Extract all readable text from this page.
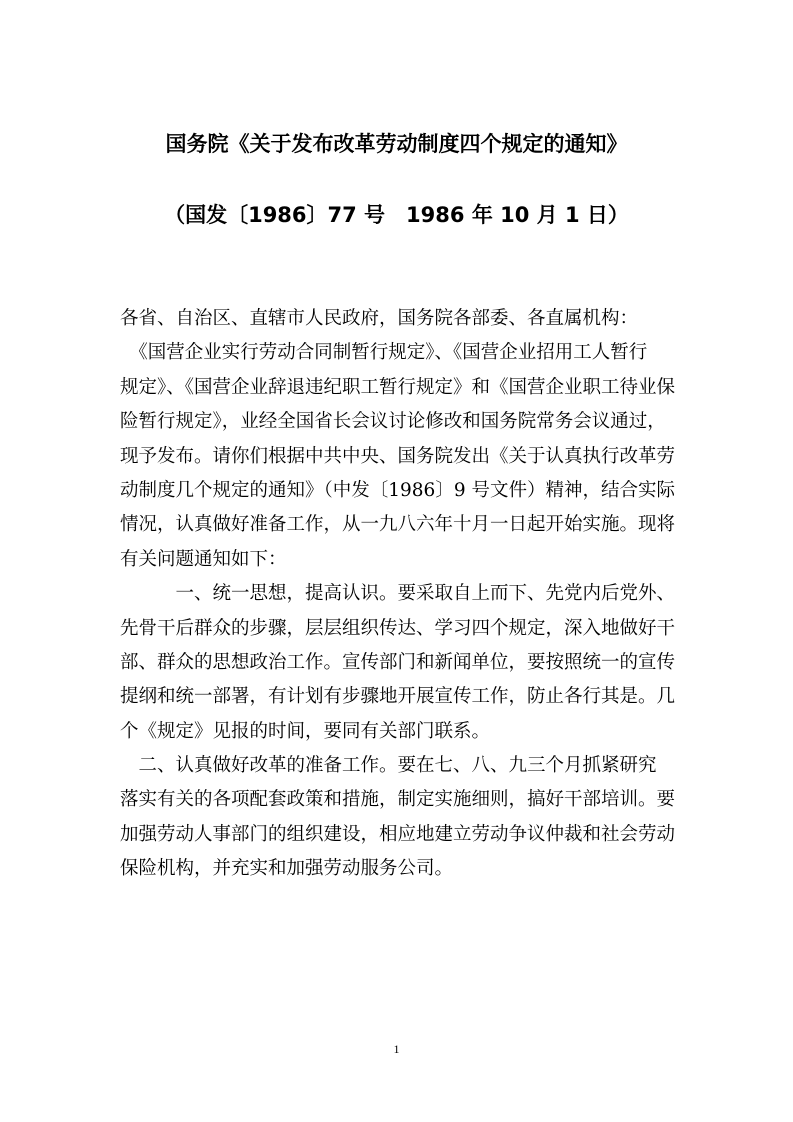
国务院《关于发布改革劳动制度四个规定的通知》
（国发〔1986〕77 号　1986 年 10 月 1 日）
各省、自治区、直辖市人民政府，国务院各部委、各直属机构：
　《国营企业实行劳动合同制暂行规定》、《国营企业招用工人暂行
规定》、《国营企业辞退违纪职工暂行规定》和《国营企业职工待业保
险暂行规定》，业经全国省长会议讨论修改和国务院常务会议通过，
现予发布。请你们根据中共中央、国务院发出《关于认真执行改革劳
动制度几个规定的通知》（中发〔1986〕9 号文件）精神，结合实际
情况，认真做好准备工作，从一九八六年十月一日起开始实施。现将
有关问题通知如下：
　　　一、统一思想，提高认识。要采取自上而下、先党内后党外、
先骨干后群众的步骤，层层组织传达、学习四个规定，深入地做好干
部、群众的思想政治工作。宣传部门和新闻单位，要按照统一的宣传
提纲和统一部署，有计划有步骤地开展宣传工作，防止各行其是。几
个《规定》见报的时间，要同有关部门联系。
　二、认真做好改革的准备工作。要在七、八、九三个月抓紧研究
落实有关的各项配套政策和措施，制定实施细则，搞好干部培训。要
加强劳动人事部门的组织建设，相应地建立劳动争议仲裁和社会劳动
保险机构，并充实和加强劳动服务公司。
1
